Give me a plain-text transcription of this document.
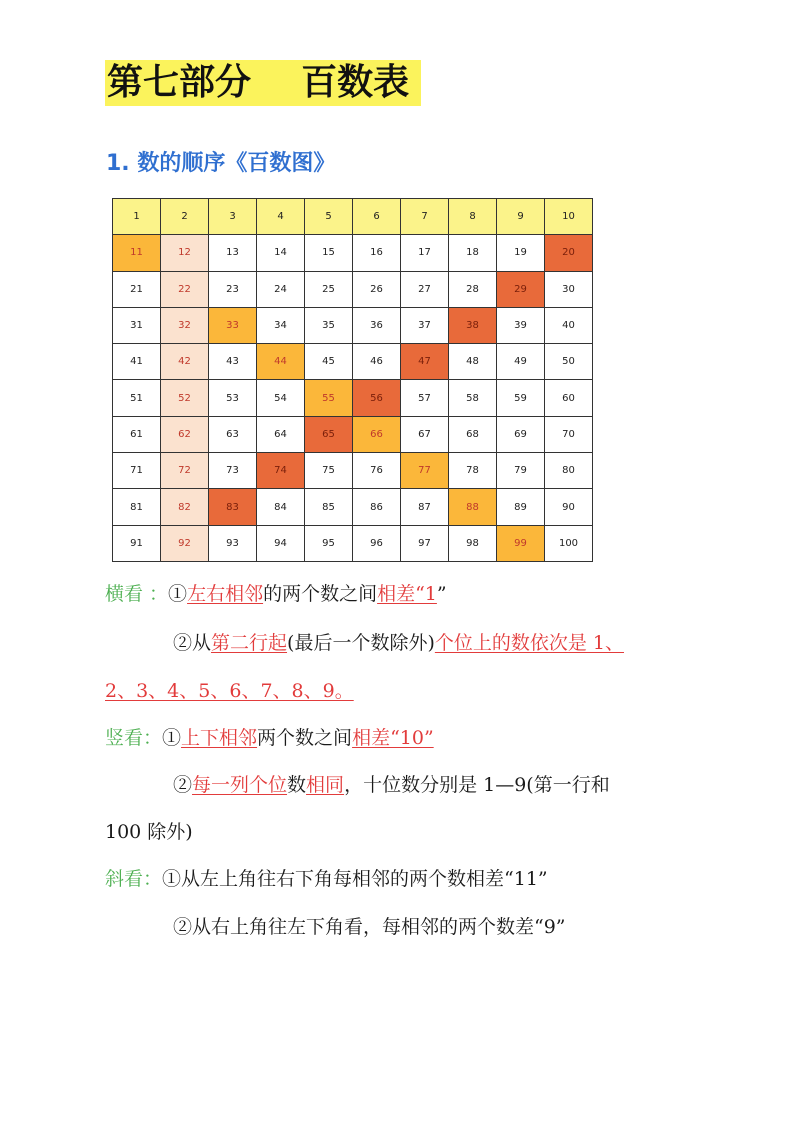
第七部分    百数表
1. 数的顺序《百数图》
1	2	3	4	5	6	7	8	9	10
11	12	13	14	15	16	17	18	19	20
21	22	23	24	25	26	27	28	29	30
31	32	33	34	35	36	37	38	39	40
41	42	43	44	45	46	47	48	49	50
51	52	53	54	55	56	57	58	59	60
61	62	63	64	65	66	67	68	69	70
71	72	73	74	75	76	77	78	79	80
81	82	83	84	85	86	87	88	89	90
91	92	93	94	95	96	97	98	99	100
横看 ：①左右相邻的两个数之间相差“1”
②从第二行起(最后一个数除外)个位上的数依次是 1、
2、3、4、5、6、7、8、9。
竖看：①上下相邻两个数之间相差“10”
②每一列个位数相同，十位数分别是 1—9(第一行和
100 除外)
斜看：①从左上角往右下角每相邻的两个数相差“11”
②从右上角往左下角看，每相邻的两个数差“9”
